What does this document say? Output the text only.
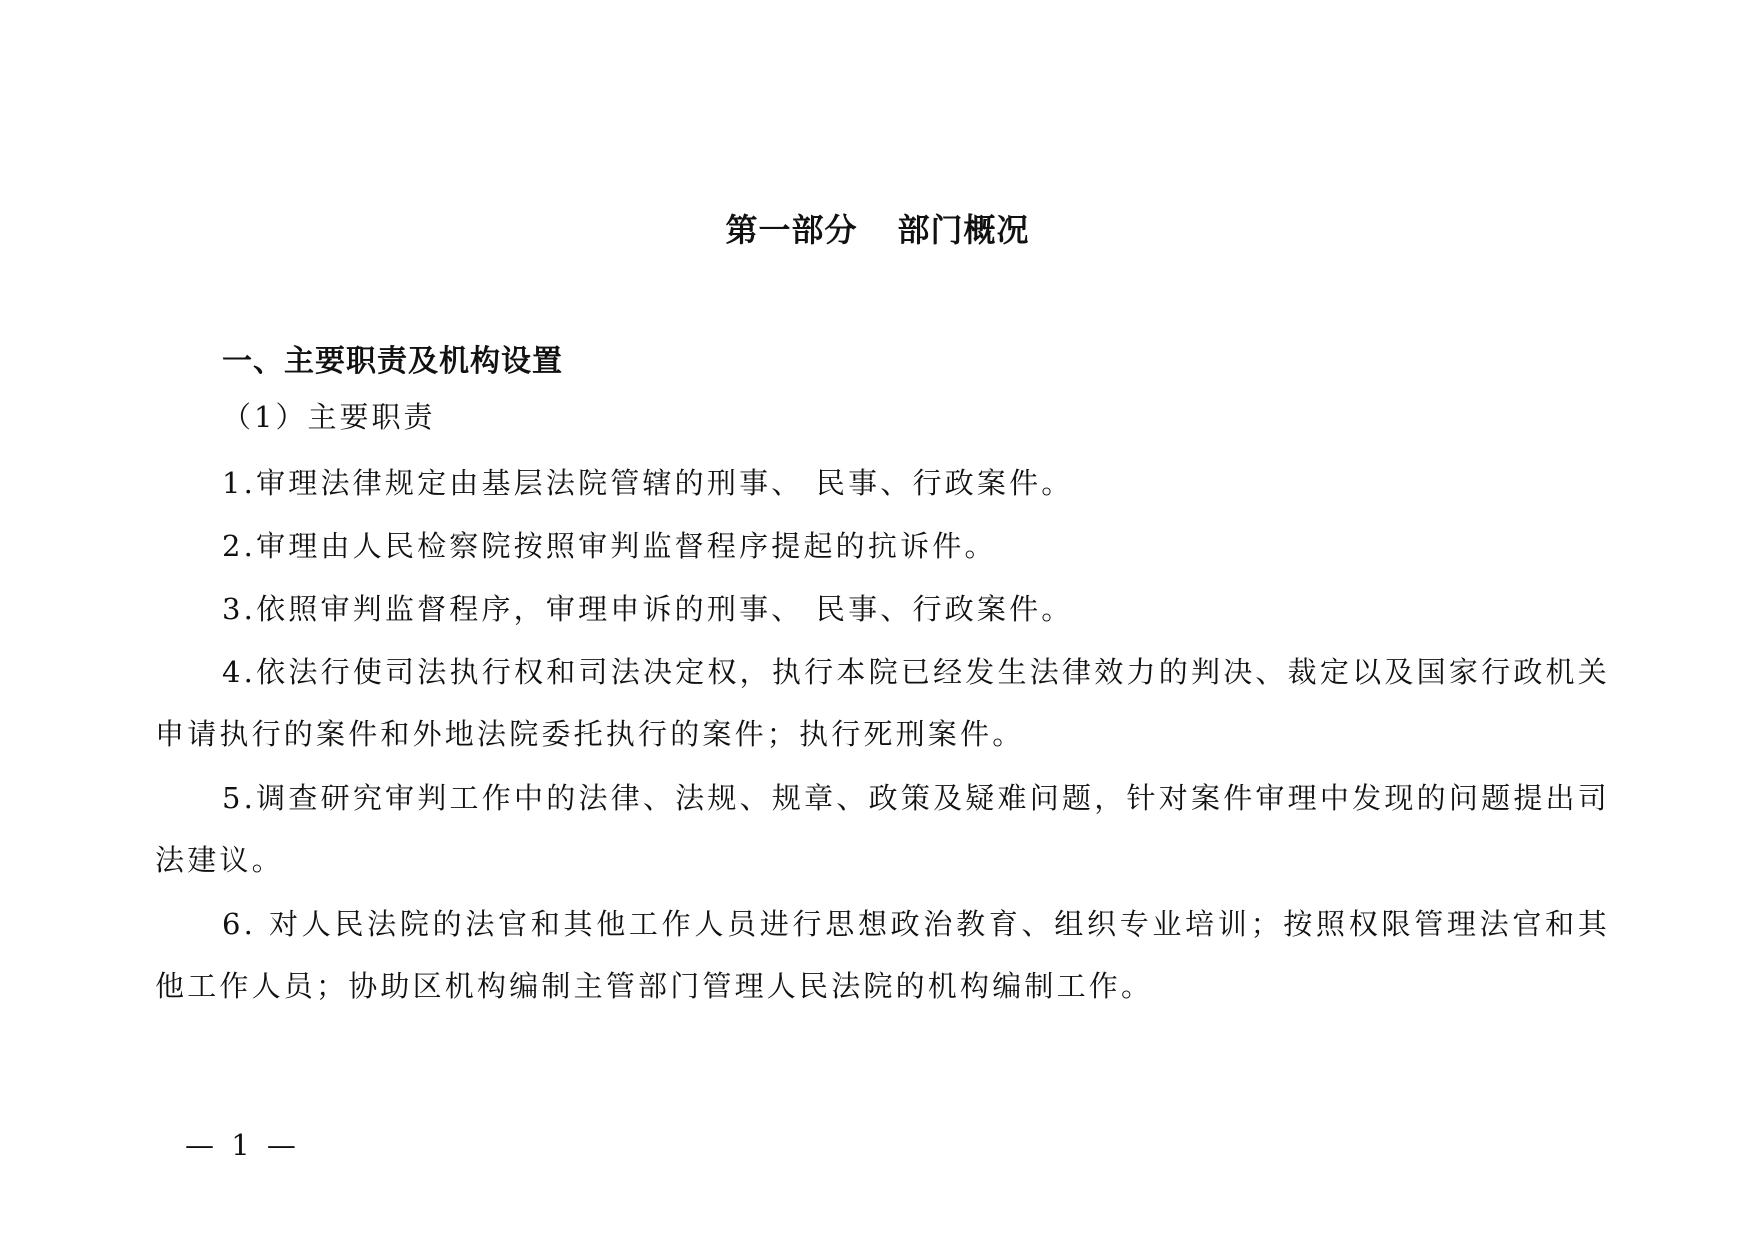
第一部分 部门概况
一、主要职责及机构设置
（1）主要职责
1.审理法律规定由基层法院管辖的刑事、 民事、行政案件。
2.审理由人民检察院按照审判监督程序提起的抗诉件。
3.依照审判监督程序，审理申诉的刑事、 民事、行政案件。
4.依法行使司法执行权和司法决定权，执行本院已经发生法律效力的判决、裁定以及国家行政机关申请执行的案件和外地法院委托执行的案件；执行死刑案件。
5.调查研究审判工作中的法律、法规、规章、政策及疑难问题，针对案件审理中发现的问题提出司法建议。
6. 对人民法院的法官和其他工作人员进行思想政治教育、组织专业培训；按照权限管理法官和其他工作人员；协助区机构编制主管部门管理人民法院的机构编制工作。
— 1 —
